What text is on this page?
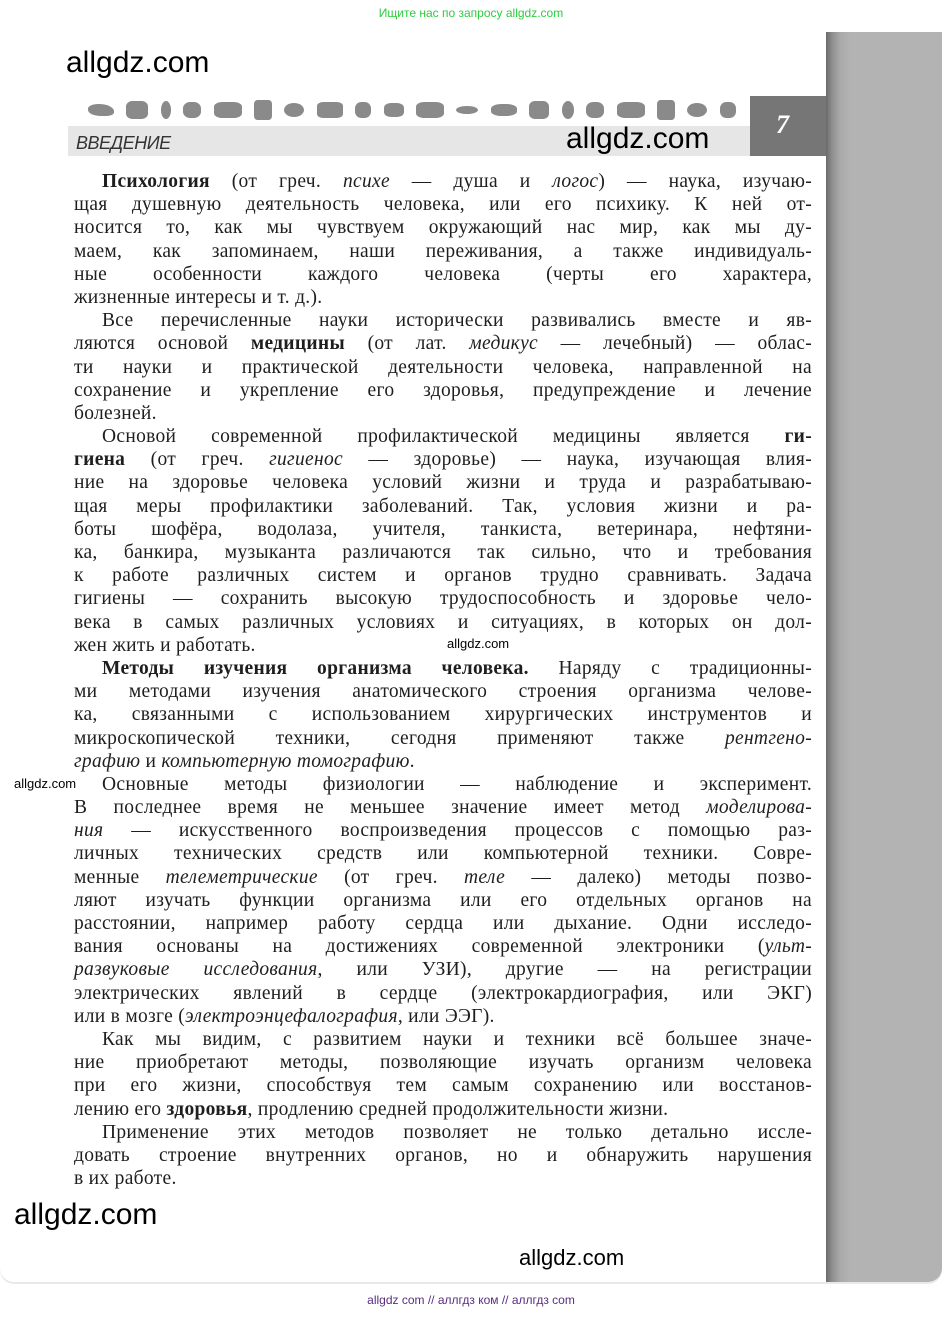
Ищите нас по запросу allgdz.com
ВВЕДЕНИЕ
7
Психология (от греч. психе — душа и логос) — наука, изучаю-
щая душевную деятельность человека, или его психику. К ней от-
носится то, как мы чувствуем окружающий нас мир, как мы ду-
маем, как запоминаем, наши переживания, а также индивидуаль-
ные особенности каждого человека (черты его характера,
жизненные интересы и т. д.).
Все перечисленные науки исторически развивались вместе и яв-
ляются основой медицины (от лат. медикус — лечебный) — облас-
ти науки и практической деятельности человека, направленной на
сохранение и укрепление его здоровья, предупреждение и лечение
болезней.
Основой современной профилактической медицины является ги-
гиена (от греч. гигиенос — здоровье) — наука, изучающая влия-
ние на здоровье человека условий жизни и труда и разрабатываю-
щая меры профилактики заболеваний. Так, условия жизни и ра-
боты шофёра, водолаза, учителя, танкиста, ветеринара, нефтяни-
ка, банкира, музыканта различаются так сильно, что и требования
к работе различных систем и органов трудно сравнивать. Задача
гигиены — сохранить высокую трудоспособность и здоровье чело-
века в самых различных условиях и ситуациях, в которых он дол-
жен жить и работать.
Методы изучения организма человека. Наряду с традиционны-
ми методами изучения анатомического строения организма челове-
ка, связанными с использованием хирургических инструментов и
микроскопической техники, сегодня применяют также рентгено-
графию и компьютерную томографию.
Основные методы физиологии — наблюдение и эксперимент.
В последнее время не меньшее значение имеет метод моделирова-
ния — искусственного воспроизведения процессов с помощью раз-
личных технических средств или компьютерной техники. Совре-
менные телеметрические (от греч. теле — далеко) методы позво-
ляют изучать функции организма или его отдельных органов на
расстоянии, например работу сердца или дыхание. Одни исследо-
вания основаны на достижениях современной электроники (ульт-
развуковые исследования, или УЗИ), другие — на регистрации
электрических явлений в сердце (электрокардиография, или ЭКГ)
или в мозге (электроэнцефалография, или ЭЭГ).
Как мы видим, с развитием науки и техники всё большее значе-
ние приобретают методы, позволяющие изучать организм человека
при его жизни, способствуя тем самым сохранению или восстанов-
лению его здоровья, продлению средней продолжительности жизни.
Применение этих методов позволяет не только детально иссле-
довать строение внутренних органов, но и обнаружить нарушения
в их работе.
allgdz.com
allgdz.com
allgdz.com
allgdz.com
allgdz.com
allgdz.com
allgdz com // аллгдз ком // аллгдз com
